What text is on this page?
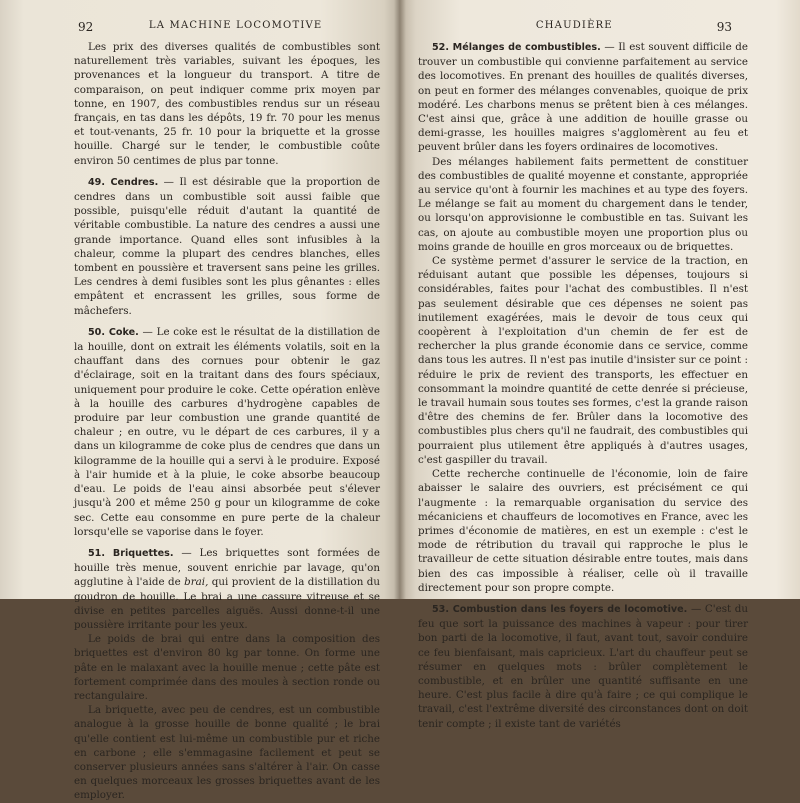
92	LA MACHINE LOCOMOTIVE

Les prix des diverses qualités de combustibles sont naturellement très variables, suivant les époques, les provenances et la longueur du transport. A titre de comparaison, on peut indiquer comme prix moyen par tonne, en 1907, des combustibles rendus sur un réseau français, en tas dans les dépôts, 19 fr. 70 pour les menus et tout-venants, 25 fr. 10 pour la briquette et la grosse houille. Chargé sur le tender, le combustible coûte environ 50 centimes de plus par tonne.

49. Cendres. — Il est désirable que la proportion de cendres dans un combustible soit aussi faible que possible, puisqu'elle réduit d'autant la quantité de véritable combustible. La nature des cendres a aussi une grande importance. Quand elles sont infusibles à la chaleur, comme la plupart des cendres blanches, elles tombent en poussière et traversent sans peine les grilles. Les cendres à demi fusibles sont les plus gênantes : elles empâtent et encrassent les grilles, sous forme de mâchefers.

50. Coke. — Le coke est le résultat de la distillation de la houille, dont on extrait les éléments volatils, soit en la chauffant dans des cornues pour obtenir le gaz d'éclairage, soit en la traitant dans des fours spéciaux, uniquement pour produire le coke. Cette opération enlève à la houille des carbures d'hydrogène capables de produire par leur combustion une grande quantité de chaleur ; en outre, vu le départ de ces carbures, il y a dans un kilogramme de coke plus de cendres que dans un kilogramme de la houille qui a servi à le produire. Exposé à l'air humide et à la pluie, le coke absorbe beaucoup d'eau. Le poids de l'eau ainsi absorbée peut s'élever jusqu'à 200 et même 250 g pour un kilogramme de coke sec. Cette eau consomme en pure perte de la chaleur lorsqu'elle se vaporise dans le foyer.

51. Briquettes. — Les briquettes sont formées de houille très menue, souvent enrichie par lavage, qu'on agglutine à l'aide de brai, qui provient de la distillation du goudron de houille. Le brai a une cassure vitreuse et se divise en petites parcelles aiguës. Aussi donne-t-il une poussière irritante pour les yeux.

Le poids de brai qui entre dans la composition des briquettes est d'environ 80 kg par tonne. On forme une pâte en le malaxant avec la houille menue ; cette pâte est fortement comprimée dans des moules à section ronde ou rectangulaire.

La briquette, avec peu de cendres, est un combustible analogue à la grosse houille de bonne qualité ; le brai qu'elle contient est lui-même un combustible pur et riche en carbone ; elle s'emmagasine facilement et peut se conserver plusieurs années sans s'altérer à l'air. On casse en quelques morceaux les grosses briquettes avant de les employer.

93
CHAUDIÈRE

52. Mélanges de combustibles. — Il est souvent difficile de trouver un combustible qui convienne parfaitement au service des locomotives. En prenant des houilles de qualités diverses, on peut en former des mélanges convenables, quoique de prix modéré. Les charbons menus se prêtent bien à ces mélanges. C'est ainsi que, grâce à une addition de houille grasse ou demi-grasse, les houilles maigres s'agglomèrent au feu et peuvent brûler dans les foyers ordinaires de locomotives.

Des mélanges habilement faits permettent de constituer des combustibles de qualité moyenne et constante, appropriée au service qu'ont à fournir les machines et au type des foyers. Le mélange se fait au moment du chargement dans le tender, ou lorsqu'on approvisionne le combustible en tas. Suivant les cas, on ajoute au combustible moyen une proportion plus ou moins grande de houille en gros morceaux ou de briquettes.

Ce système permet d'assurer le service de la traction, en réduisant autant que possible les dépenses, toujours si considérables, faites pour l'achat des combustibles. Il n'est pas seulement désirable que ces dépenses ne soient pas inutilement exagérées, mais le devoir de tous ceux qui coopèrent à l'exploitation d'un chemin de fer est de rechercher la plus grande économie dans ce service, comme dans tous les autres. Il n'est pas inutile d'insister sur ce point : réduire le prix de revient des transports, les effectuer en consommant la moindre quantité de cette denrée si précieuse, le travail humain sous toutes ses formes, c'est la grande raison d'être des chemins de fer. Brûler dans la locomotive des combustibles plus chers qu'il ne faudrait, des combustibles qui pourraient plus utilement être appliqués à d'autres usages, c'est gaspiller du travail.

Cette recherche continuelle de l'économie, loin de faire abaisser le salaire des ouvriers, est précisément ce qui l'augmente : la remarquable organisation du service des mécaniciens et chauffeurs de locomotives en France, avec les primes d'économie de matières, en est un exemple : c'est le mode de rétribution du travail qui rapproche le plus le travailleur de cette situation désirable entre toutes, mais dans bien des cas impossible à réaliser, celle où il travaille directement pour son propre compte.

53. Combustion dans les foyers de locomotive. — C'est du feu que sort la puissance des machines à vapeur : pour tirer bon parti de la locomotive, il faut, avant tout, savoir conduire ce feu bienfaisant, mais capricieux. L'art du chauffeur peut se résumer en quelques mots : brûler complètement le combustible, et en brûler une quantité suffisante en une heure. C'est plus facile à dire qu'à faire ; ce qui complique le travail, c'est l'extrême diversité des circonstances dont on doit tenir compte ; il existe tant de variétés
